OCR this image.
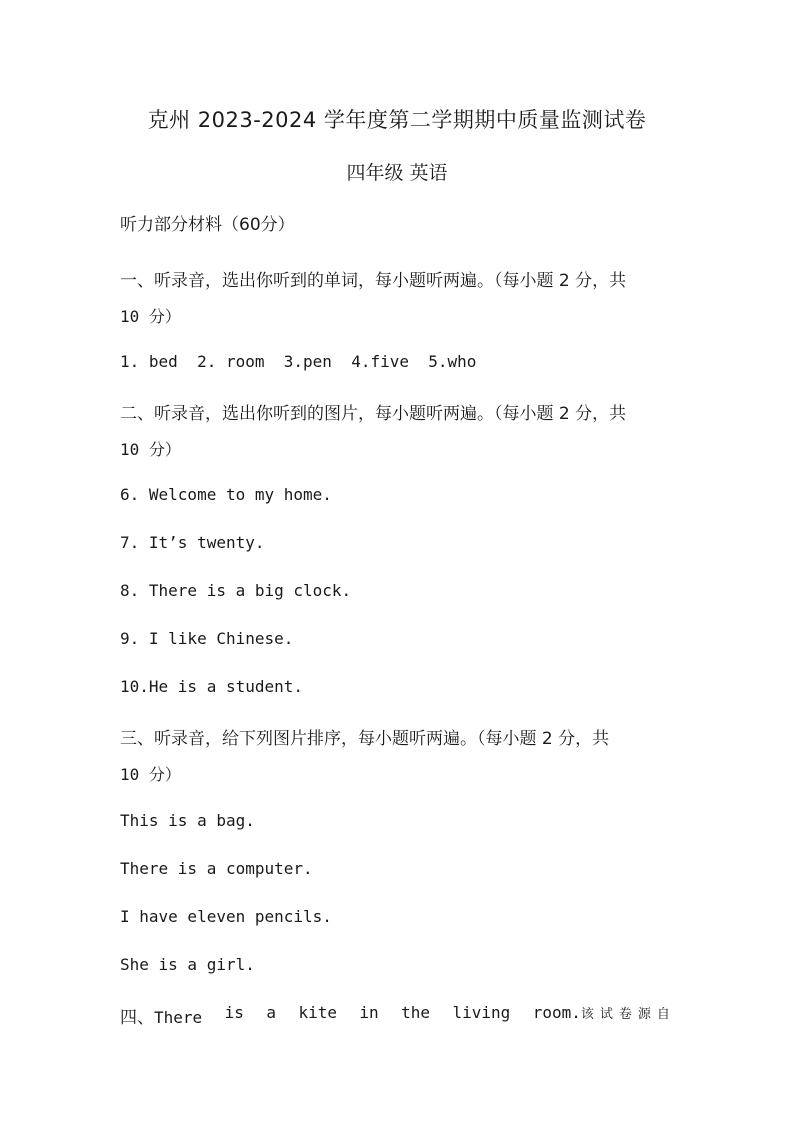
克州 2023-2024 学年度第二学期期中质量监测试卷
四年级 英语
听力部分材料（60分）
一、听录音，选出你听到的单词，每小题听两遍。（每小题 2 分，共
10 分）
1. bed  2. room  3.pen  4.five  5.who
二、听录音，选出你听到的图片，每小题听两遍。（每小题 2 分，共
10 分）
6. Welcome to my home.
7. It’s twenty.
8. There is a big clock.
9. I like Chinese.
10.He is a student.
三、听录音，给下列图片排序，每小题听两遍。（每小题 2 分，共
10 分）
This is a bag.
There is a computer.
I have eleven pencils.
She is a girl.
四、There is a kite in the living room.该试卷源自
